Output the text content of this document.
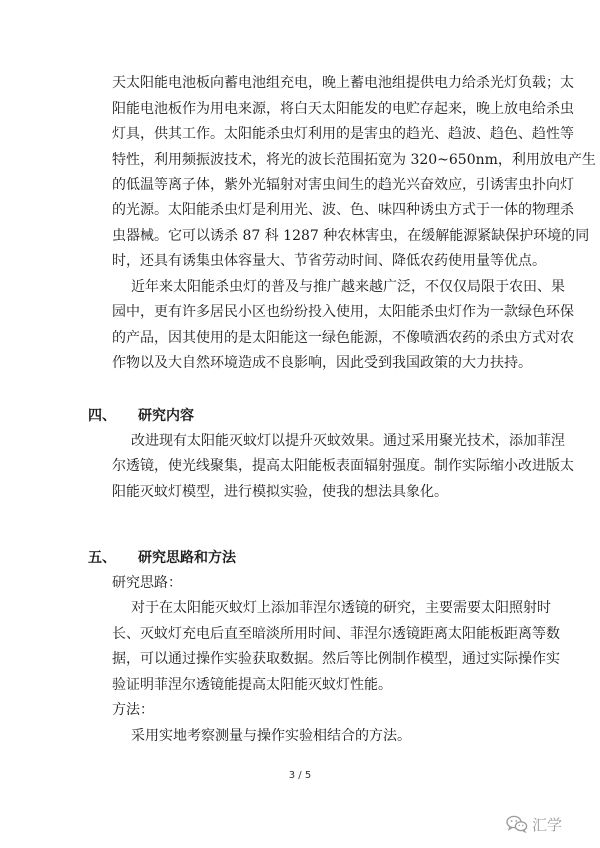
天太阳能电池板向蓄电池组充电，晚上蓄电池组提供电力给杀光灯负载；太
阳能电池板作为用电来源，将白天太阳能发的电贮存起来，晚上放电给杀虫
灯具，供其工作。太阳能杀虫灯利用的是害虫的趋光、趋波、趋色、趋性等
特性，利用频振波技术，将光的波长范围拓宽为 320~650nm，利用放电产生
的低温等离子体，紫外光辐射对害虫间生的趋光兴奋效应，引诱害虫扑向灯
的光源。太阳能杀虫灯是利用光、波、色、味四种诱虫方式于一体的物理杀
虫器械。它可以诱杀 87 科 1287 种农林害虫，在缓解能源紧缺保护环境的同
时，还具有诱集虫体容量大、节省劳动时间、降低农药使用量等优点。
近年来太阳能杀虫灯的普及与推广越来越广泛，不仅仅局限于农田、果
园中，更有许多居民小区也纷纷投入使用，太阳能杀虫灯作为一款绿色环保
的产品，因其使用的是太阳能这一绿色能源，不像喷洒农药的杀虫方式对农
作物以及大自然环境造成不良影响，因此受到我国政策的大力扶持。
四、 研究内容
改进现有太阳能灭蚊灯以提升灭蚊效果。通过采用聚光技术，添加菲涅
尔透镜，使光线聚集，提高太阳能板表面辐射强度。制作实际缩小改进版太
阳能灭蚊灯模型，进行模拟实验，使我的想法具象化。
五、 研究思路和方法
研究思路：
对于在太阳能灭蚊灯上添加菲涅尔透镜的研究，主要需要太阳照射时
长、灭蚊灯充电后直至暗淡所用时间、菲涅尔透镜距离太阳能板距离等数
据，可以通过操作实验获取数据。然后等比例制作模型，通过实际操作实
验证明菲涅尔透镜能提高太阳能灭蚊灯性能。
方法：
采用实地考察测量与操作实验相结合的方法。
3 / 5
汇学
